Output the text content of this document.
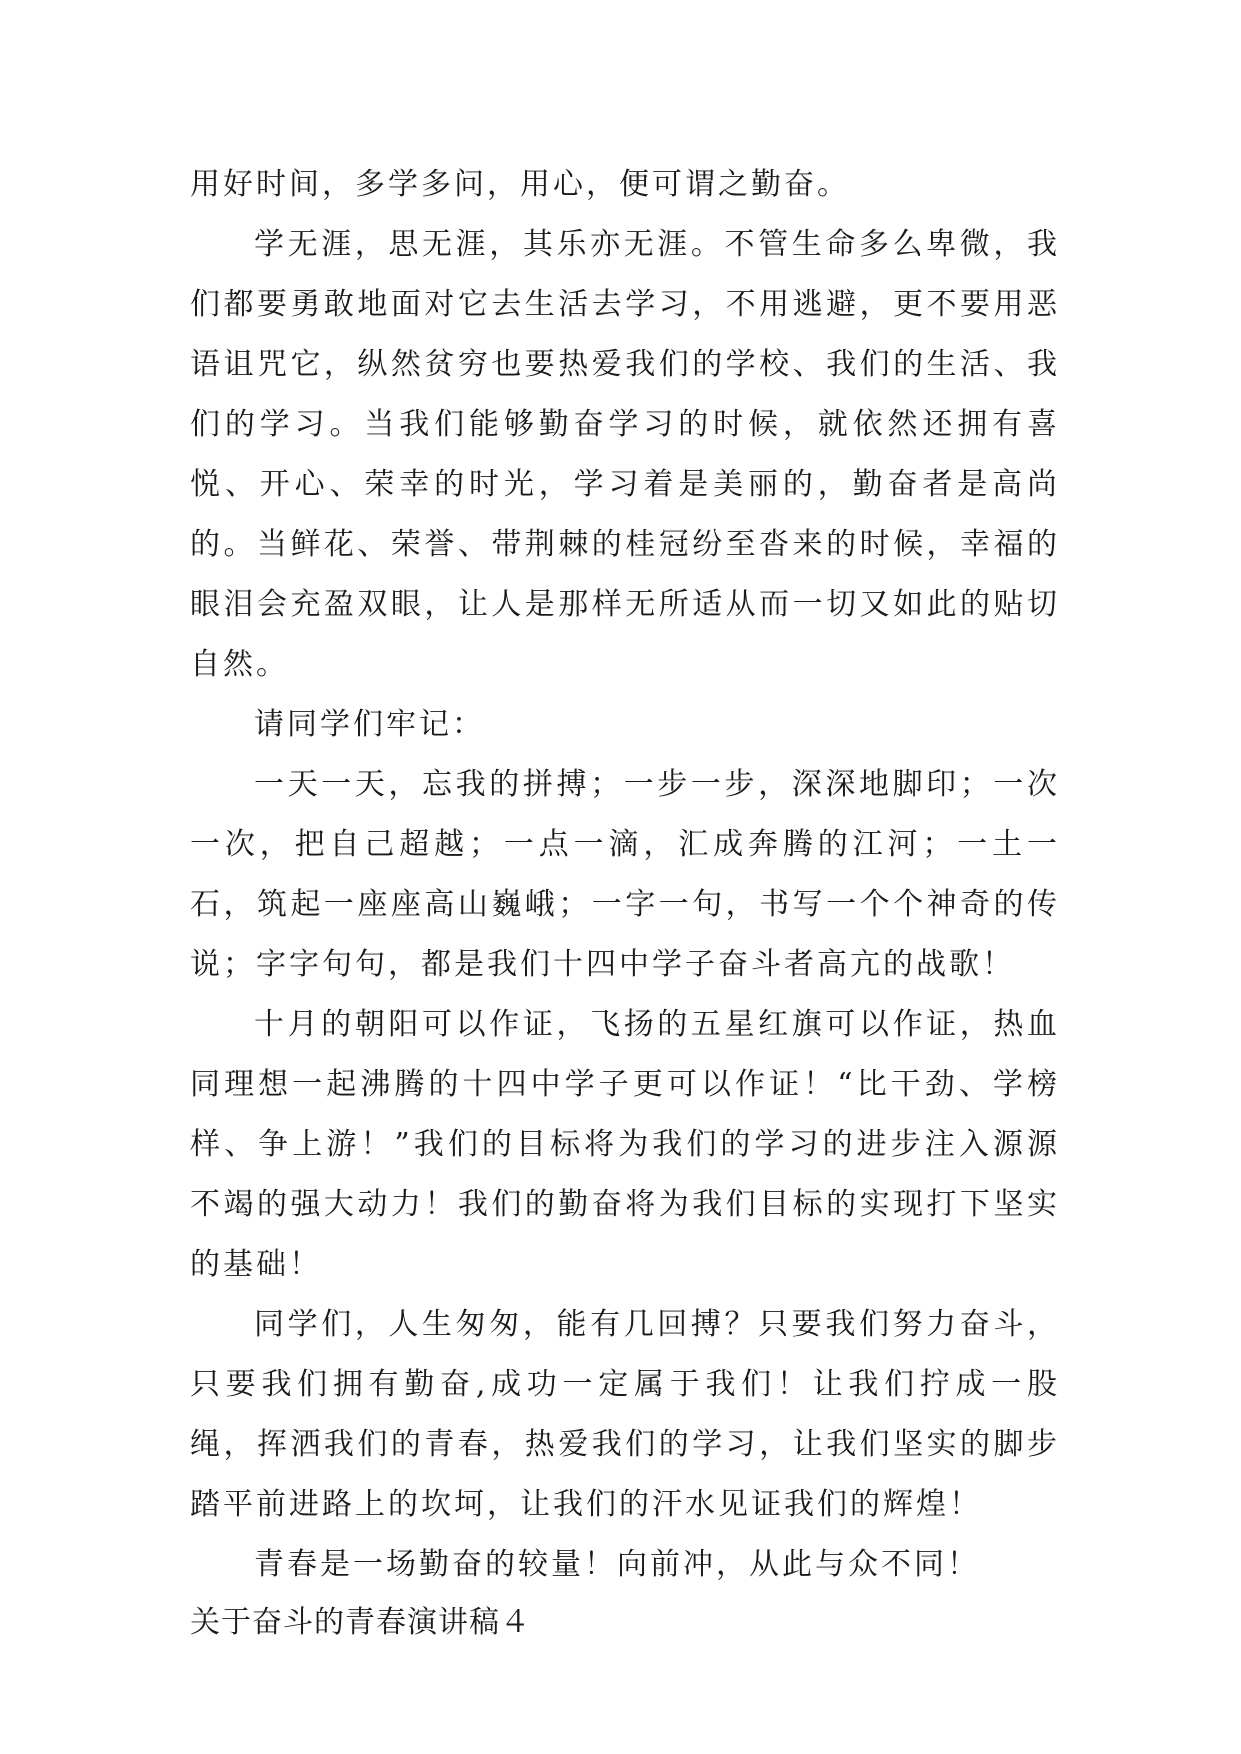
用好时间，多学多问，用心，便可谓之勤奋。

学无涯，思无涯，其乐亦无涯。不管生命多么卑微，我们都要勇敢地面对它去生活去学习，不用逃避，更不要用恶语诅咒它，纵然贫穷也要热爱我们的学校、我们的生活、我们的学习。当我们能够勤奋学习的时候，就依然还拥有喜悦、开心、荣幸的时光，学习着是美丽的，勤奋者是高尚的。当鲜花、荣誉、带荆棘的桂冠纷至沓来的时候，幸福的眼泪会充盈双眼，让人是那样无所适从而一切又如此的贴切自然。

请同学们牢记：

一天一天，忘我的拼搏；一步一步，深深地脚印；一次一次，把自己超越；一点一滴，汇成奔腾的江河；一土一石，筑起一座座高山巍峨；一字一句，书写一个个神奇的传说；字字句句，都是我们十四中学子奋斗者高亢的战歌！

十月的朝阳可以作证，飞扬的五星红旗可以作证，热血同理想一起沸腾的十四中学子更可以作证！“比干劲、学榜样、争上游！”我们的目标将为我们的学习的进步注入源源不竭的强大动力！我们的勤奋将为我们目标的实现打下坚实的基础！

同学们，人生匆匆，能有几回搏？只要我们努力奋斗，只要我们拥有勤奋,成功一定属于我们！让我们拧成一股绳，挥洒我们的青春，热爱我们的学习，让我们坚实的脚步踏平前进路上的坎坷，让我们的汗水见证我们的辉煌！

青春是一场勤奋的较量！向前冲，从此与众不同！

关于奋斗的青春演讲稿４
